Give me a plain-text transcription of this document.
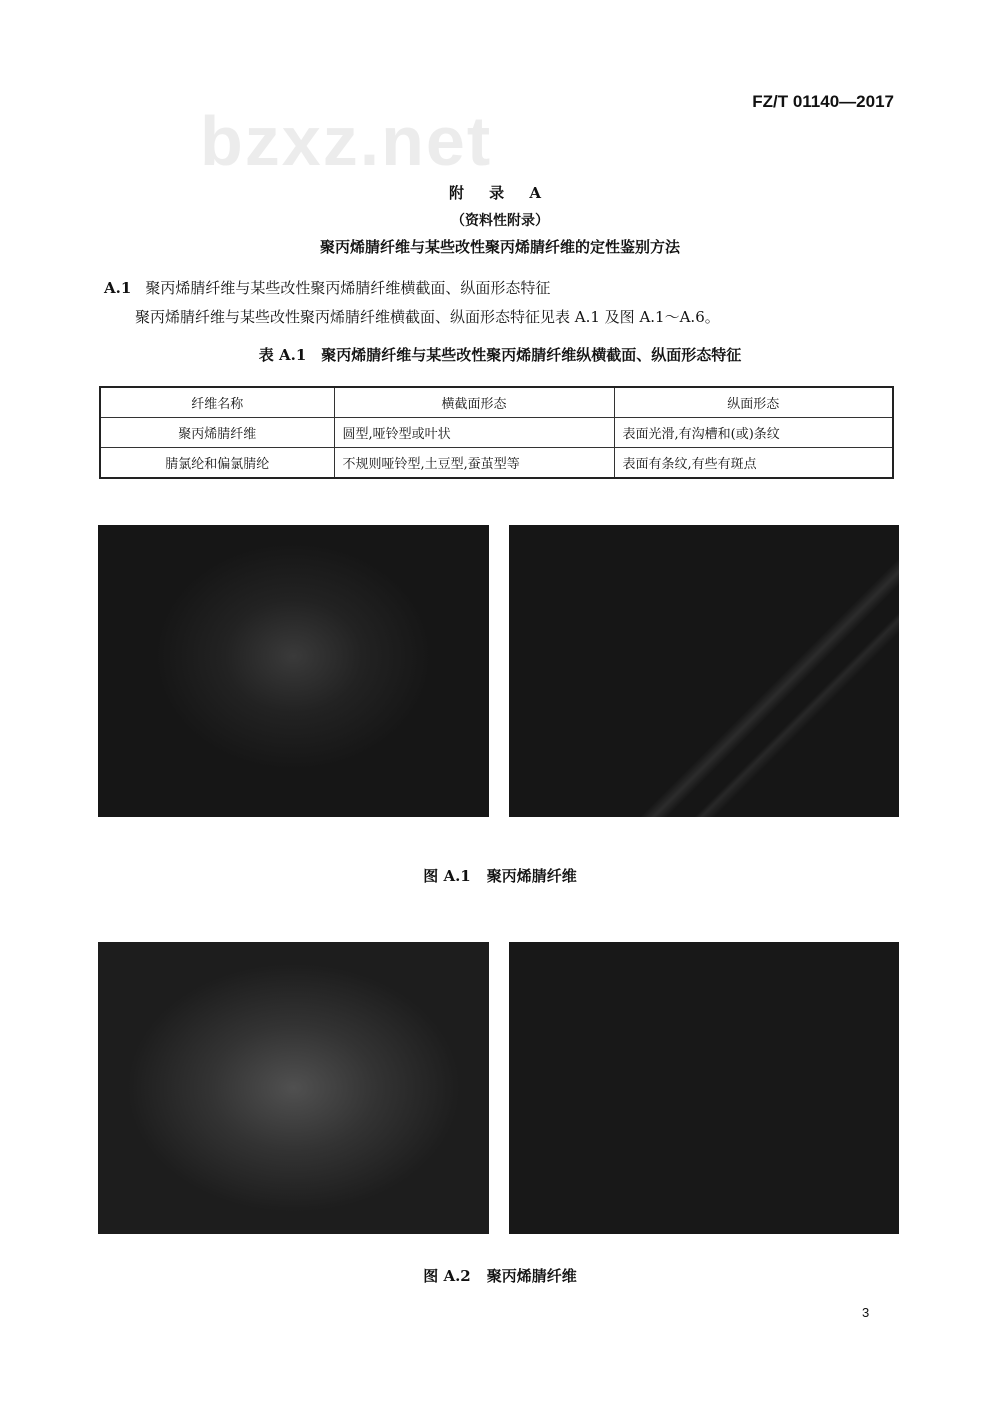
FZ/T 01140—2017
bzxz.net
附 录 A
（资料性附录）
聚丙烯腈纤维与某些改性聚丙烯腈纤维的定性鉴别方法
A.1 聚丙烯腈纤维与某些改性聚丙烯腈纤维横截面、纵面形态特征
聚丙烯腈纤维与某些改性聚丙烯腈纤维横截面、纵面形态特征见表 A.1 及图 A.1～A.6。
表 A.1　聚丙烯腈纤维与某些改性聚丙烯腈纤维纵横截面、纵面形态特征
纤维名称	横截面形态	纵面形态
聚丙烯腈纤维	圆型,哑铃型或叶状	表面光滑,有沟槽和(或)条纹
腈氯纶和偏氯腈纶	不规则哑铃型,土豆型,蚕茧型等	表面有条纹,有些有斑点
图 A.1 聚丙烯腈纤维
图 A.2 聚丙烯腈纤维
3
